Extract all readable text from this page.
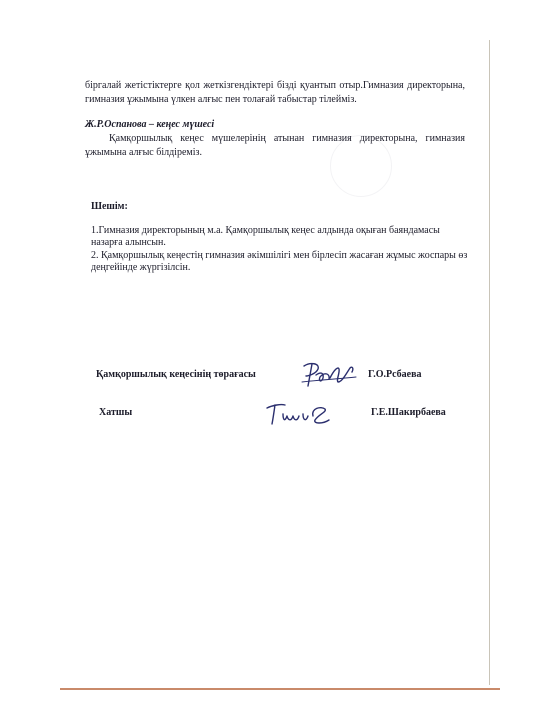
біргалай жетістіктерге қол жеткізгендіктері бізді қуантып отыр.Гимназия директорына, гимназия ұжымына үлкен алғыс пен толағай табыстар тілейміз.
Ж.Р.Оспанова – кеңес мүшесі
Қамқоршылық кеңес мүшелерінің атынан гимназия директорына, гимназия ұжымына алғыс білдіреміз.
Шешім:
1.Гимназия директорының м.а. Қамқоршылық кеңес алдында оқыған баяндамасы назарға алынсын.
2. Қамқоршылық кеңестің гимназия әкімшілігі мен бірлесіп жасаған жұмыс жоспары өз деңгейінде жүргізілсін.
Қамқоршылық кеңесінің төрағасы	Г.О.Рсбаева
Хатшы	Г.Е.Шакирбаева
